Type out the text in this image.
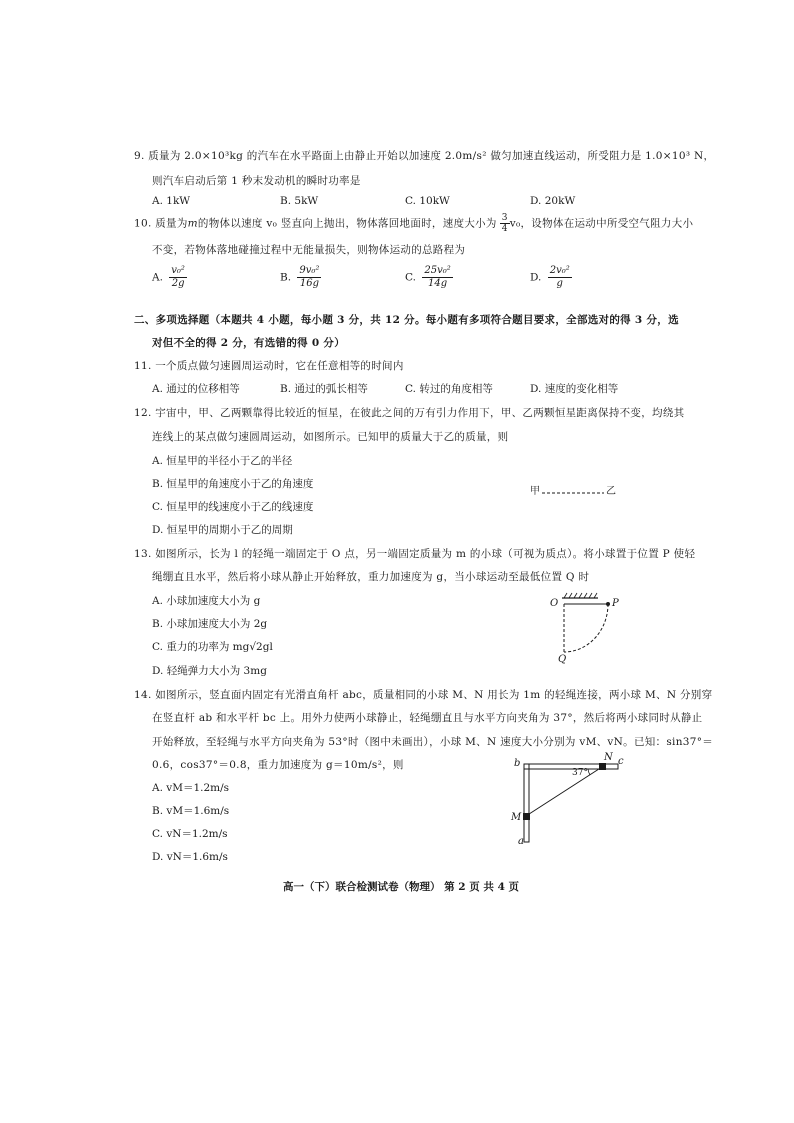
9. 质量为 2.0×10³kg 的汽车在水平路面上由静止开始以加速度 2.0m/s² 做匀加速直线运动，所受阻力是 1.0×10³ N，
则汽车启动后第 1 秒末发动机的瞬时功率是
A. 1kW	B. 5kW	C. 10kW	D. 20kW
10. 质量为m的物体以速度 v₀ 竖直向上抛出，物体落回地面时，速度大小为 $\frac{3}{4} v_0$，设物体在运动中所受空气阻力大小
不变，若物体落地碰撞过程中无能量损失，则物体运动的总路程为
A. $\frac{\text{v₀²}}{2g}$	B. $\frac{\text{9v₀²}}{16g}$	C. $\frac{\text{25v₀²}}{14g}$	D. $\frac{\text{2v₀²}}{g}$
二、多项选择题（本题共 4 小题，每小题 3 分，共 12 分。每小题有多项符合题目要求，全部选对的得 3 分，选
对但不全的得 2 分，有选错的得 0 分）
11. 一个质点做匀速圆周运动时，它在任意相等的时间内
A. 通过的位移相等	B. 通过的弧长相等	C. 转过的角度相等	D. 速度的变化相等
12. 宇宙中，甲、乙两颗靠得比较近的恒星，在彼此之间的万有引力作用下，甲、乙两颗恒星距离保持不变，均绕其
连线上的某点做匀速圆周运动，如图所示。已知甲的质量大于乙的质量，则
A. 恒星甲的半径小于乙的半径
B. 恒星甲的角速度小于乙的角速度
C. 恒星甲的线速度小于乙的线速度
D. 恒星甲的周期小于乙的周期
甲	乙
13. 如图所示，长为 l 的轻绳一端固定于 O 点，另一端固定质量为 m 的小球（可视为质点）。将小球置于位置 P 使轻
绳绷直且水平，然后将小球从静止开始释放，重力加速度为 g，当小球运动至最低位置 Q 时
A. 小球加速度大小为 g
B. 小球加速度大小为 2g
C. 重力的功率为 mg√2gl
D. 轻绳弹力大小为 3mg
O	P
Q
14. 如图所示，竖直面内固定有光滑直角杆 abc，质量相同的小球 M、N 用长为 1m 的轻绳连接，两小球 M、N 分别穿
在竖直杆 ab 和水平杆 bc 上。用外力使两小球静止，轻绳绷直且与水平方向夹角为 37°，然后将两小球同时从静止
开始释放，至轻绳与水平方向夹角为 53°时（图中未画出），小球 M、N 速度大小分别为 vM、vN。已知：sin37°＝
0.6，cos37°＝0.8，重力加速度为 g＝10m/s²，则
A. vM＝1.2m/s
B. vM＝1.6m/s
C. vN＝1.2m/s
D. vN＝1.6m/s
b	c
N
37°
M
a
高一（下）联合检测试卷（物理） 第 2 页 共 4 页
